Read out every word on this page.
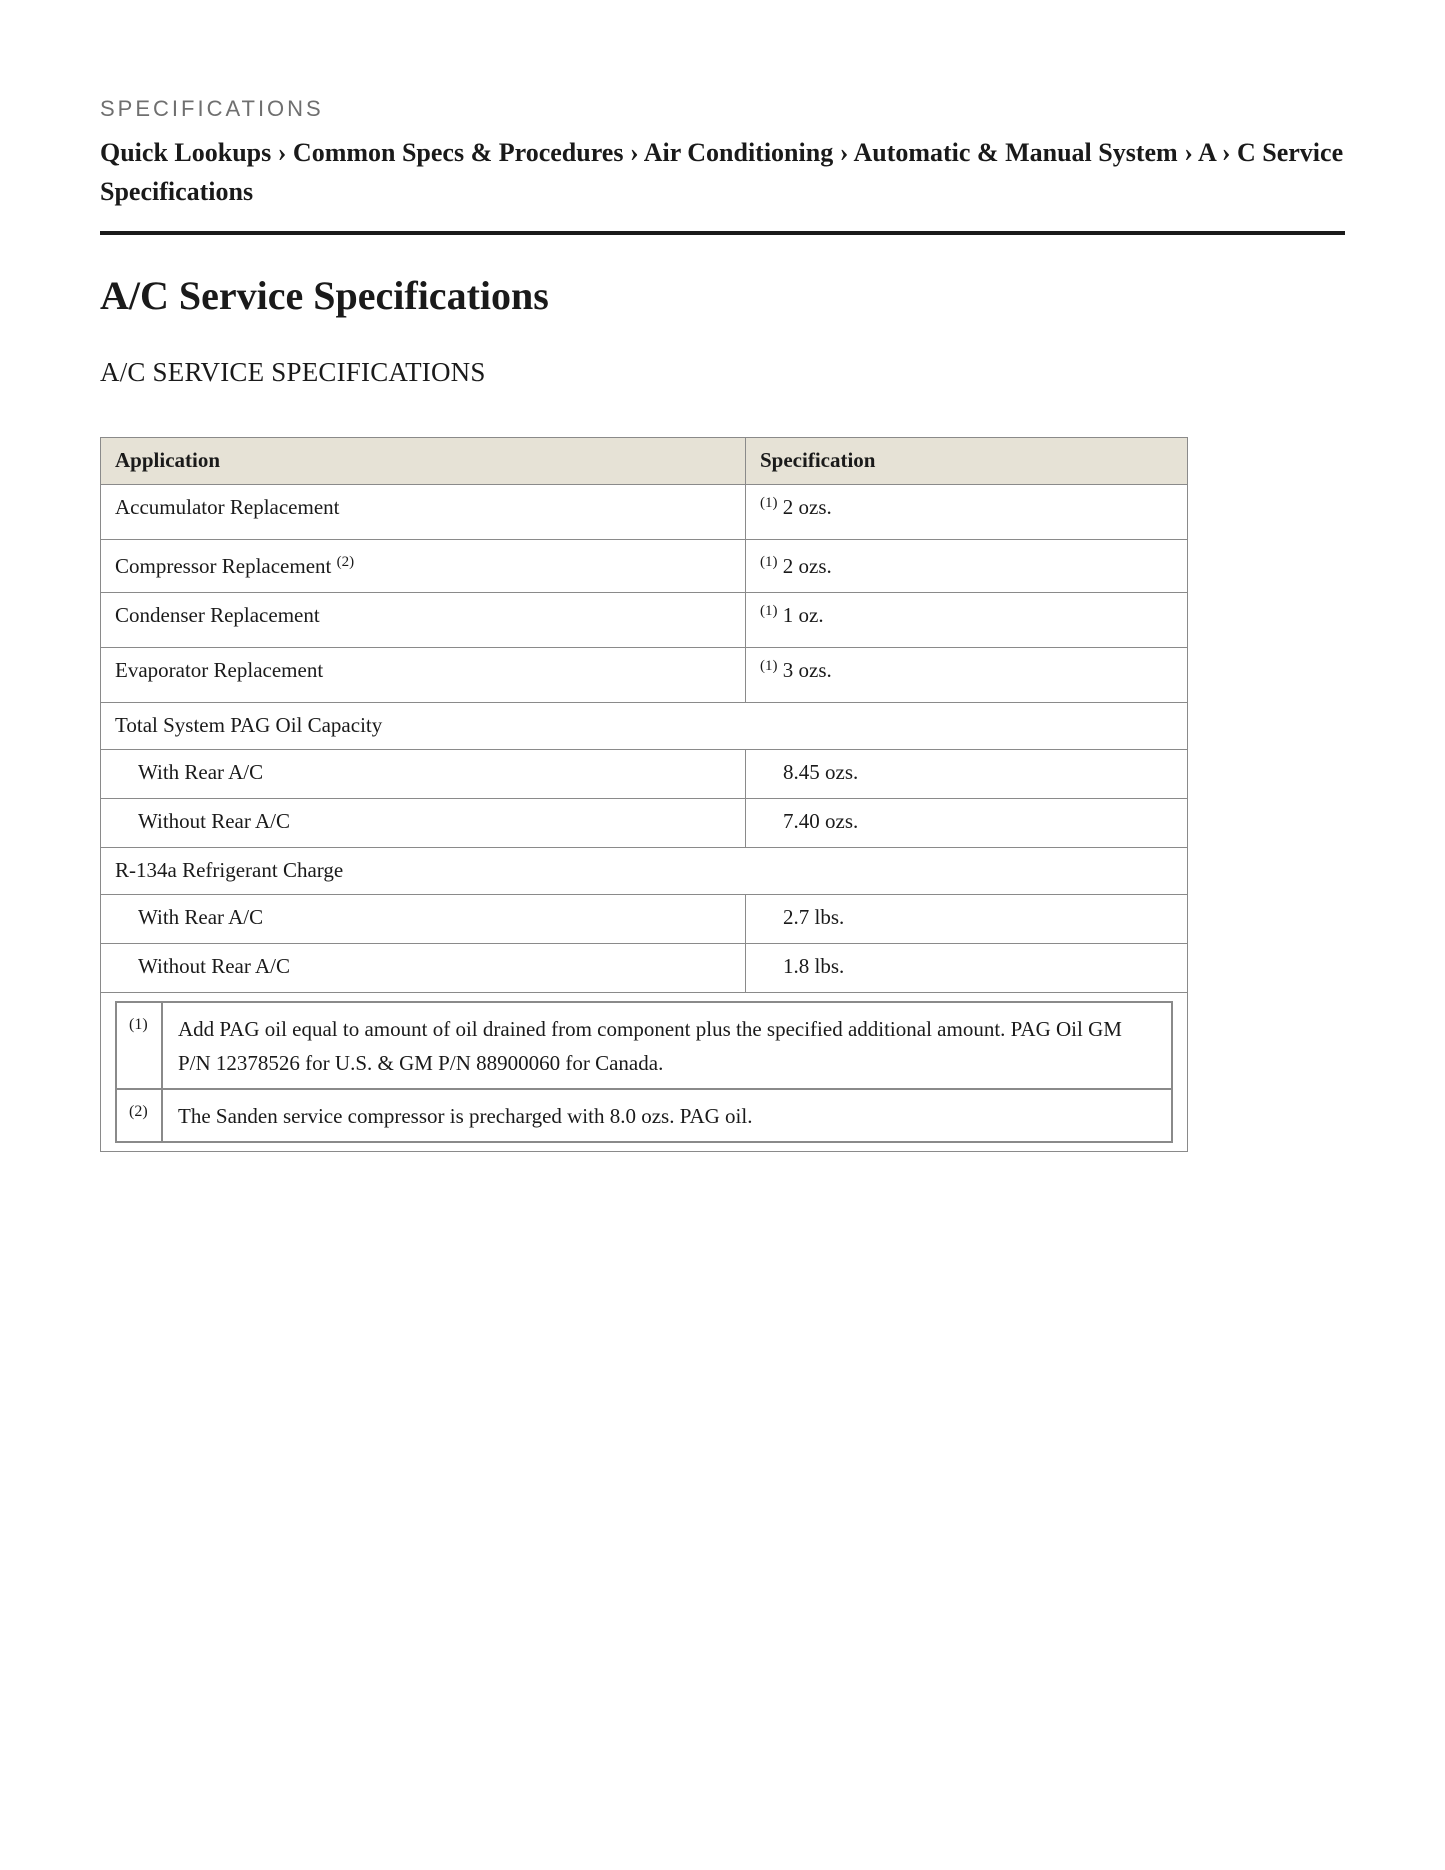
SPECIFICATIONS

Quick Lookups › Common Specs & Procedures › Air Conditioning › Automatic & Manual System › A › C Service Specifications
A/C Service Specifications
A/C SERVICE SPECIFICATIONS
Application	Specification
Accumulator Replacement	$^{(1)}$ 2 ozs.
Compressor Replacement $^{(2)}$	$^{(1)}$ 2 ozs.
Condenser Replacement	$^{(1)}$ 1 oz.
Evaporator Replacement	$^{(1)}$ 3 ozs.
Total System PAG Oil Capacity
With Rear A/C	8.45 ozs.
Without Rear A/C	7.40 ozs.
R-134a Refrigerant Charge
With Rear A/C	2.7 lbs.
Without Rear A/C	1.8 lbs.

(1)	Add PAG oil equal to amount of oil drained from component plus the specified additional amount. PAG Oil GM P/N 12378526 for U.S. & GM P/N 88900060 for Canada.
(2)	The Sanden service compressor is precharged with 8.0 ozs. PAG oil.
